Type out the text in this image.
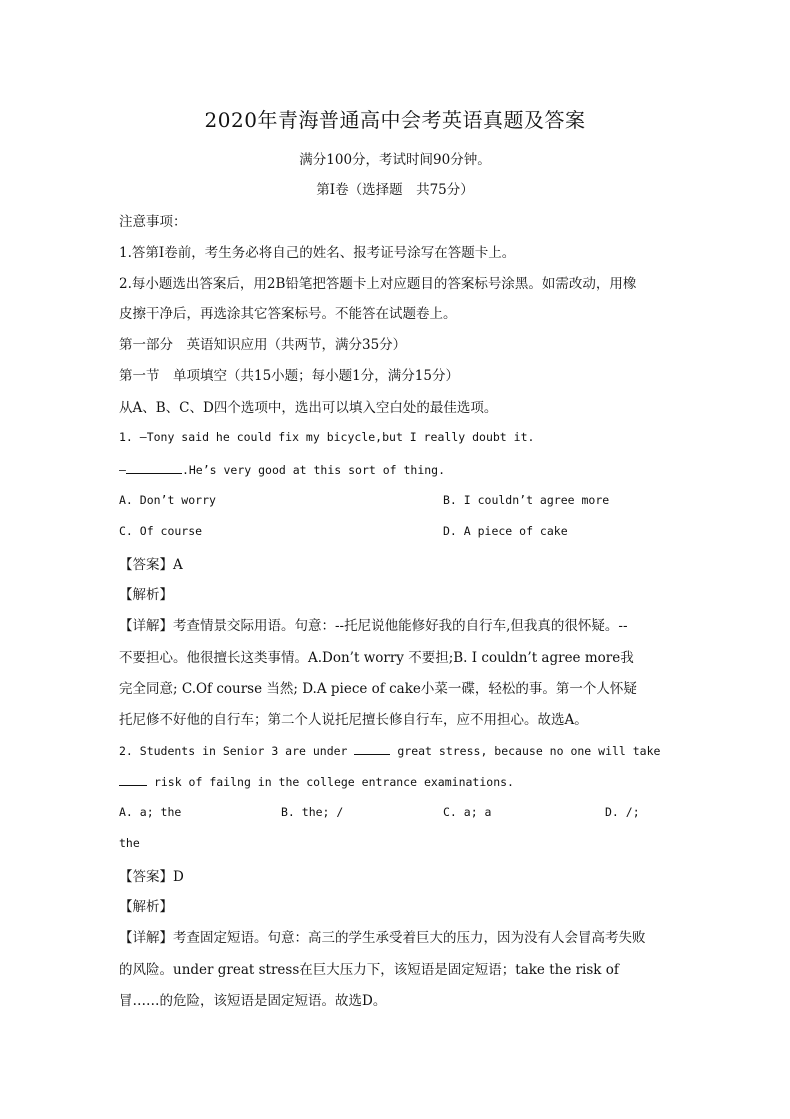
2020年青海普通高中会考英语真题及答案
满分100分，考试时间90分钟。
第I卷（选择题　共75分）
注意事项：
1.答第I卷前，考生务必将自己的姓名、报考证号涂写在答题卡上。
2.每小题选出答案后，用2B铅笔把答题卡上对应题目的答案标号涂黑。如需改动，用橡
皮擦干净后，再选涂其它答案标号。不能答在试题卷上。
第一部分　英语知识应用（共两节，满分35分）
第一节　单项填空（共15小题；每小题1分，满分15分）
从A、B、C、D四个选项中，选出可以填入空白处的最佳选项。
1. —Tony said he could fix my bicycle,but I really doubt it.
—	.He’s very good at this sort of thing.
A. Don’t worry	B. I couldn’t agree more
C. Of course	D. A piece of cake
【答案】A
【解析】
【详解】考查情景交际用语。句意：--托尼说他能修好我的自行车,但我真的很怀疑。--
不要担心。他很擅长这类事情。A.Don’t worry 不要担;B. I couldn’t agree more我
完全同意; C.Of course 当然; D.A piece of cake小菜一碟，轻松的事。第一个人怀疑
托尼修不好他的自行车；第二个人说托尼擅长修自行车，应不用担心。故选A。
2. Students in Senior 3 are under	great stress, because no one will take
risk of failng in the college entrance examinations.
A. a; the	B. the; /	C. a; a	D. /;
the
【答案】D
【解析】
【详解】考查固定短语。句意：高三的学生承受着巨大的压力，因为没有人会冒高考失败
的风险。under great stress在巨大压力下，该短语是固定短语；take the risk of
冒……的危险，该短语是固定短语。故选D。
